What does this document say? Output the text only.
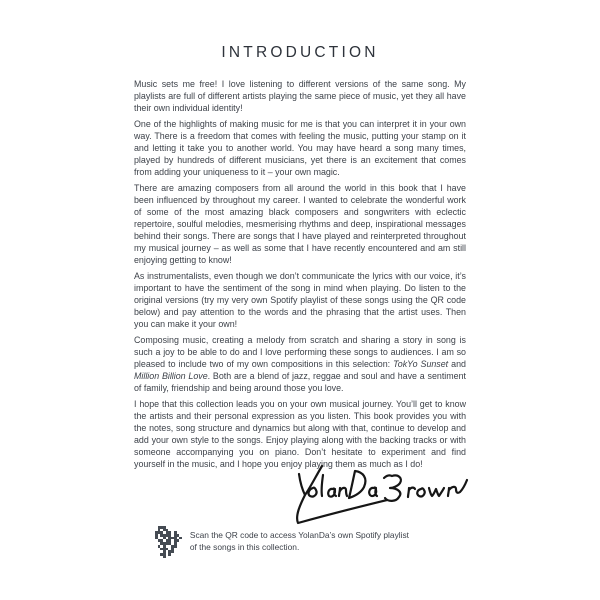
INTRODUCTION

Music sets me free! I love listening to different versions of the same song. My playlists are full of different artists playing the same piece of music, yet they all have their own individual identity!

One of the highlights of making music for me is that you can interpret it in your own way. There is a freedom that comes with feeling the music, putting your stamp on it and letting it take you to another world. You may have heard a song many times, played by hundreds of different musicians, yet there is an excitement that comes from adding your uniqueness to it – your own magic.

There are amazing composers from all around the world in this book that I have been influenced by throughout my career. I wanted to celebrate the wonderful work of some of the most amazing black composers and songwriters with eclectic repertoire, soulful melodies, mesmerising rhythms and deep, inspirational messages behind their songs. There are songs that I have played and reinterpreted throughout my musical journey – as well as some that I have recently encountered and am still enjoying getting to know!

As instrumentalists, even though we don’t communicate the lyrics with our voice, it’s important to have the sentiment of the song in mind when playing. Do listen to the original versions (try my very own Spotify playlist of these songs using the QR code below) and pay attention to the words and the phrasing that the artist uses. Then you can make it your own!

Composing music, creating a melody from scratch and sharing a story in song is such a joy to be able to do and I love performing these songs to audiences. I am so pleased to include two of my own compositions in this selection: TokYo Sunset and Million Billion Love. Both are a blend of jazz, reggae and soul and have a sentiment of family, friendship and being around those you love.

I hope that this collection leads you on your own musical journey. You’ll get to know the artists and their personal expression as you listen. This book provides you with the notes, song structure and dynamics but along with that, continue to develop and add your own style to the songs. Enjoy playing along with the backing tracks or with someone accompanying you on piano. Don’t hesitate to experiment and find yourself in the music, and I hope you enjoy playing them as much as I do!

Scan the QR code to access YolanDa’s own Spotify playlist
of the songs in this collection.
